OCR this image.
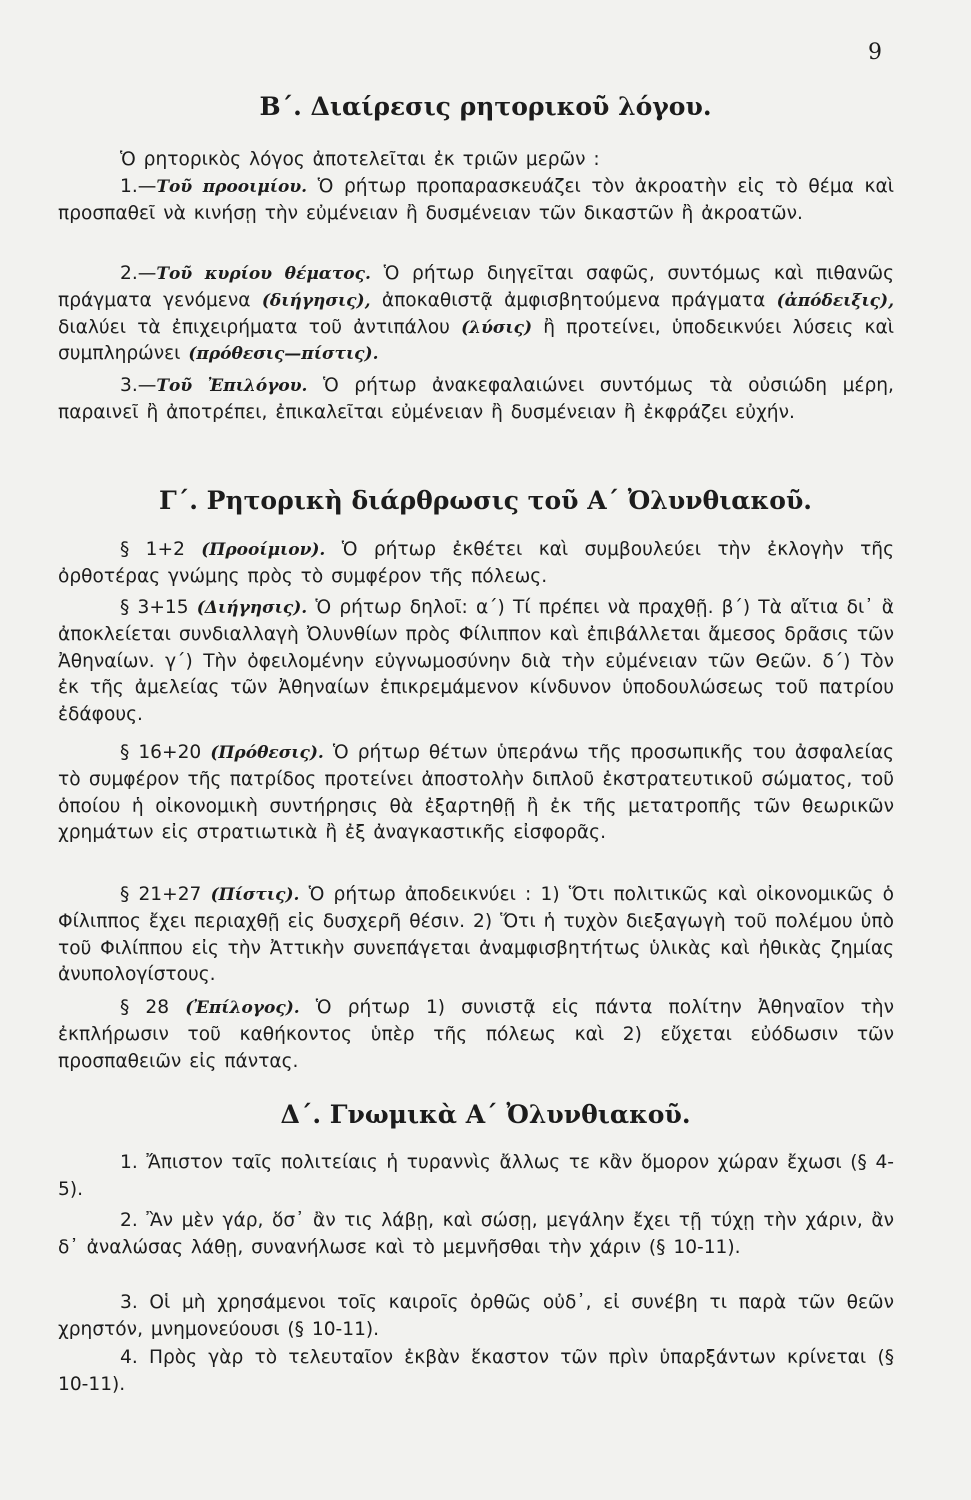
9
Β΄. Διαίρεσις ρητορικοῦ λόγου.
Ὁ ρητορικὸς λόγος ἀποτελεῖται ἐκ τριῶν μερῶν :
1.—Τοῦ προοιμίου. Ὁ ρήτωρ προπαρασκευάζει τὸν ἀκροατὴν εἰς τὸ θέμα καὶ προσπαθεῖ νὰ κινήσῃ τὴν εὐμένειαν ἢ δυσμένειαν τῶν δικαστῶν ἢ ἀκροατῶν.
2.—Τοῦ κυρίου θέματος. Ὁ ρήτωρ διηγεῖται σαφῶς, συντόμως καὶ πιθανῶς πράγματα γενόμενα (διήγησις), ἀποκαθιστᾷ ἀμφισβητούμενα πράγματα (ἀπόδειξις), διαλύει τὰ ἐπιχειρήματα τοῦ ἀντιπάλου (λύσις) ἢ προτείνει, ὑποδεικνύει λύσεις καὶ συμπληρώνει (πρόθεσις—πίστις).
3.—Τοῦ Ἐπιλόγου. Ὁ ρήτωρ ἀνακεφαλαιώνει συντόμως τὰ οὐσιώδη μέρη, παραινεῖ ἢ ἀποτρέπει, ἐπικαλεῖται εὐμένειαν ἢ δυσμένειαν ἢ ἐκφράζει εὐχήν.
Γ΄. Ρητορικὴ διάρθρωσις τοῦ Α΄ Ὀλυνθιακοῦ.
§ 1+2 (Προοίμιον). Ὁ ρήτωρ ἐκθέτει καὶ συμβουλεύει τὴν ἐκλογὴν τῆς ὀρθοτέρας γνώμης πρὸς τὸ συμφέρον τῆς πόλεως.
§ 3+15 (Διήγησις). Ὁ ρήτωρ δηλοῖ: α΄) Τί πρέπει νὰ πραχθῇ. β΄) Τὰ αἴτια δι᾽ ἃ ἀποκλείεται συνδιαλλαγὴ Ὀλυνθίων πρὸς Φίλιππον καὶ ἐπιβάλλεται ἄμεσος δρᾶσις τῶν Ἀθηναίων. γ΄) Τὴν ὀφειλομένην εὐγνωμοσύνην διὰ τὴν εὐμένειαν τῶν Θεῶν. δ΄) Τὸν ἐκ τῆς ἀμελείας τῶν Ἀθηναίων ἐπικρεμάμενον κίνδυνον ὑποδουλώσεως τοῦ πατρίου ἐδάφους.
§ 16+20 (Πρόθεσις). Ὁ ρήτωρ θέτων ὑπεράνω τῆς προσωπικῆς του ἀσφαλείας τὸ συμφέρον τῆς πατρίδος προτείνει ἀποστολὴν διπλοῦ ἐκστρατευτικοῦ σώματος, τοῦ ὁποίου ἡ οἰκονομικὴ συντήρησις θὰ ἐξαρτηθῇ ἢ ἐκ τῆς μετατροπῆς τῶν θεωρικῶν χρημάτων εἰς στρατιωτικὰ ἢ ἐξ ἀναγκαστικῆς εἰσφορᾶς.
§ 21+27 (Πίστις). Ὁ ρήτωρ ἀποδεικνύει : 1) Ὅτι πολιτικῶς καὶ οἰκονομικῶς ὁ Φίλιππος ἔχει περιαχθῇ εἰς δυσχερῆ θέσιν. 2) Ὅτι ἡ τυχὸν διεξαγωγὴ τοῦ πολέμου ὑπὸ τοῦ Φιλίππου εἰς τὴν Ἀττικὴν συνεπάγεται ἀναμφισβητήτως ὑλικὰς καὶ ἠθικὰς ζημίας ἀνυπολογίστους.
§ 28 (Ἐπίλογος). Ὁ ρήτωρ 1) συνιστᾷ εἰς πάντα πολίτην Ἀθηναῖον τὴν ἐκπλήρωσιν τοῦ καθήκοντος ὑπὲρ τῆς πόλεως καὶ 2) εὔχεται εὐόδωσιν τῶν προσπαθειῶν εἰς πάντας.
Δ΄. Γνωμικὰ Α΄ Ὀλυνθιακοῦ.
1. Ἄπιστον ταῖς πολιτείαις ἡ τυραννὶς ἄλλως τε κἂν ὅμορον χώραν ἔχωσι (§ 4-5).
2. Ἂν μὲν γάρ, ὅσ᾽ ἂν τις λάβῃ, καὶ σώσῃ, μεγάλην ἔχει τῇ τύχῃ τὴν χάριν, ἂν δ᾽ ἀναλώσας λάθῃ, συνανήλωσε καὶ τὸ μεμνῆσθαι τὴν χάριν (§ 10-11).
3. Οἱ μὴ χρησάμενοι τοῖς καιροῖς ὀρθῶς οὐδ᾽, εἰ συνέβη τι παρὰ τῶν θεῶν χρηστόν, μνημονεύουσι (§ 10-11).
4. Πρὸς γὰρ τὸ τελευταῖον ἐκβὰν ἕκαστον τῶν πρὶν ὑπαρξάντων κρίνεται (§ 10-11).
